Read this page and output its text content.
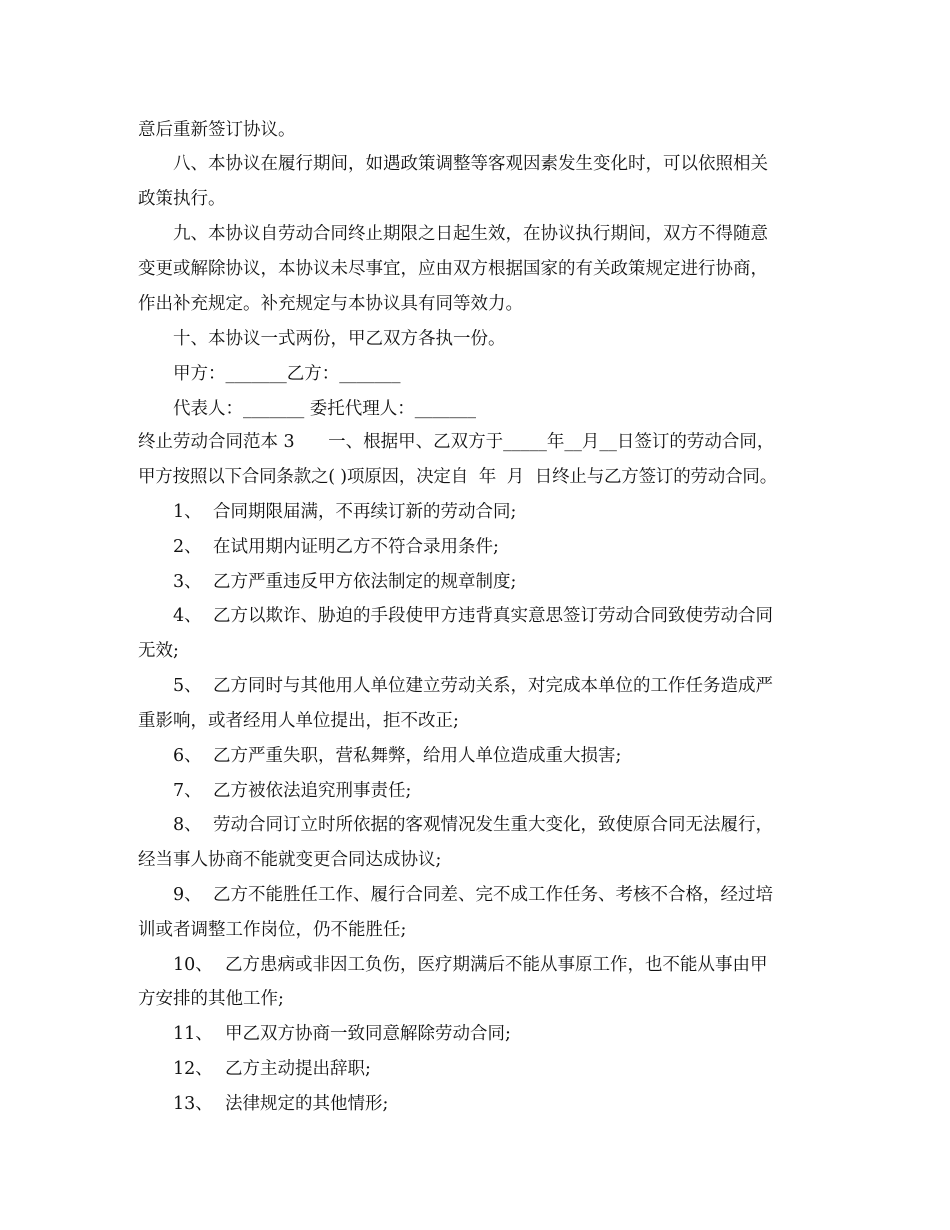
意后重新签订协议。
八、本协议在履行期间，如遇政策调整等客观因素发生变化时，可以依照相关
政策执行。
九、本协议自劳动合同终止期限之日起生效，在协议执行期间，双方不得随意
变更或解除协议，本协议未尽事宜，应由双方根据国家的有关政策规定进行协商，
作出补充规定。补充规定与本协议具有同等效力。
十、本协议一式两份，甲乙双方各执一份。
甲方：_______乙方：_______
代表人：_______ 委托代理人：_______
终止劳动合同范本 3      一、根据甲、乙双方于_____年__月__日签订的劳动合同，
甲方按照以下合同条款之( )项原因，决定自  年  月  日终止与乙方签订的劳动合同。
1、 合同期限届满，不再续订新的劳动合同;
2、 在试用期内证明乙方不符合录用条件;
3、 乙方严重违反甲方依法制定的规章制度;
4、 乙方以欺诈、胁迫的手段使甲方违背真实意思签订劳动合同致使劳动合同
无效;
5、 乙方同时与其他用人单位建立劳动关系，对完成本单位的工作任务造成严
重影响，或者经用人单位提出，拒不改正;
6、 乙方严重失职，营私舞弊，给用人单位造成重大损害;
7、 乙方被依法追究刑事责任;
8、 劳动合同订立时所依据的客观情况发生重大变化，致使原合同无法履行，
经当事人协商不能就变更合同达成协议;
9、 乙方不能胜任工作、履行合同差、完不成工作任务、考核不合格，经过培
训或者调整工作岗位，仍不能胜任;
10、 乙方患病或非因工负伤，医疗期满后不能从事原工作，也不能从事由甲
方安排的其他工作;
11、 甲乙双方协商一致同意解除劳动合同;
12、 乙方主动提出辞职;
13、 法律规定的其他情形;
